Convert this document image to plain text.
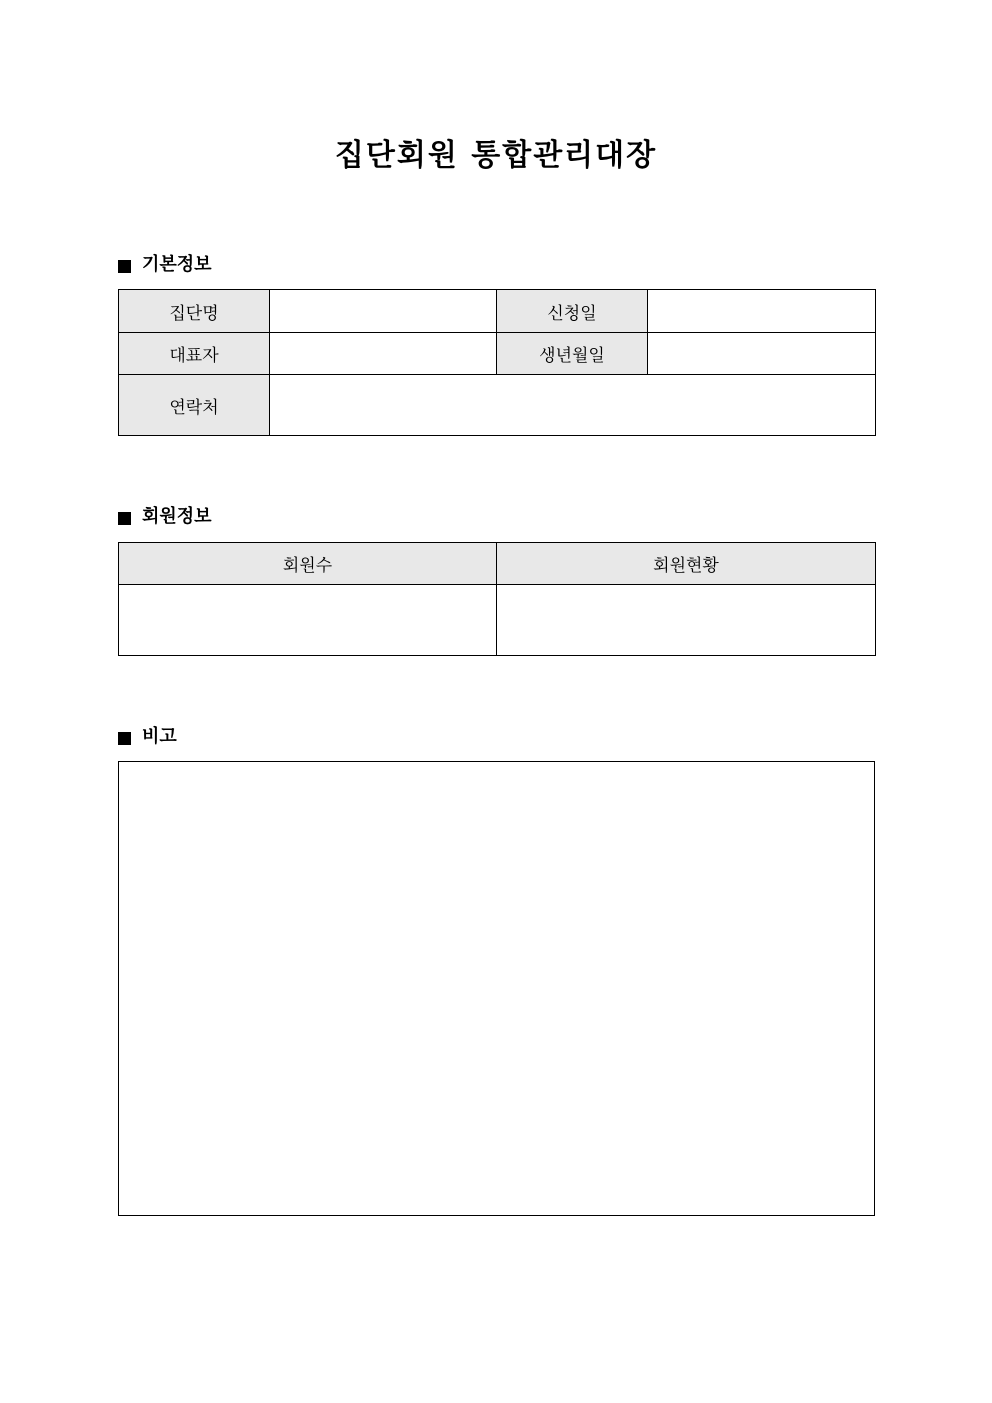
집단회원 통합관리대장
기본정보
집단명		신청일	
대표자		생년월일	
연락처			
회원정보
회원수	회원현황

비고
